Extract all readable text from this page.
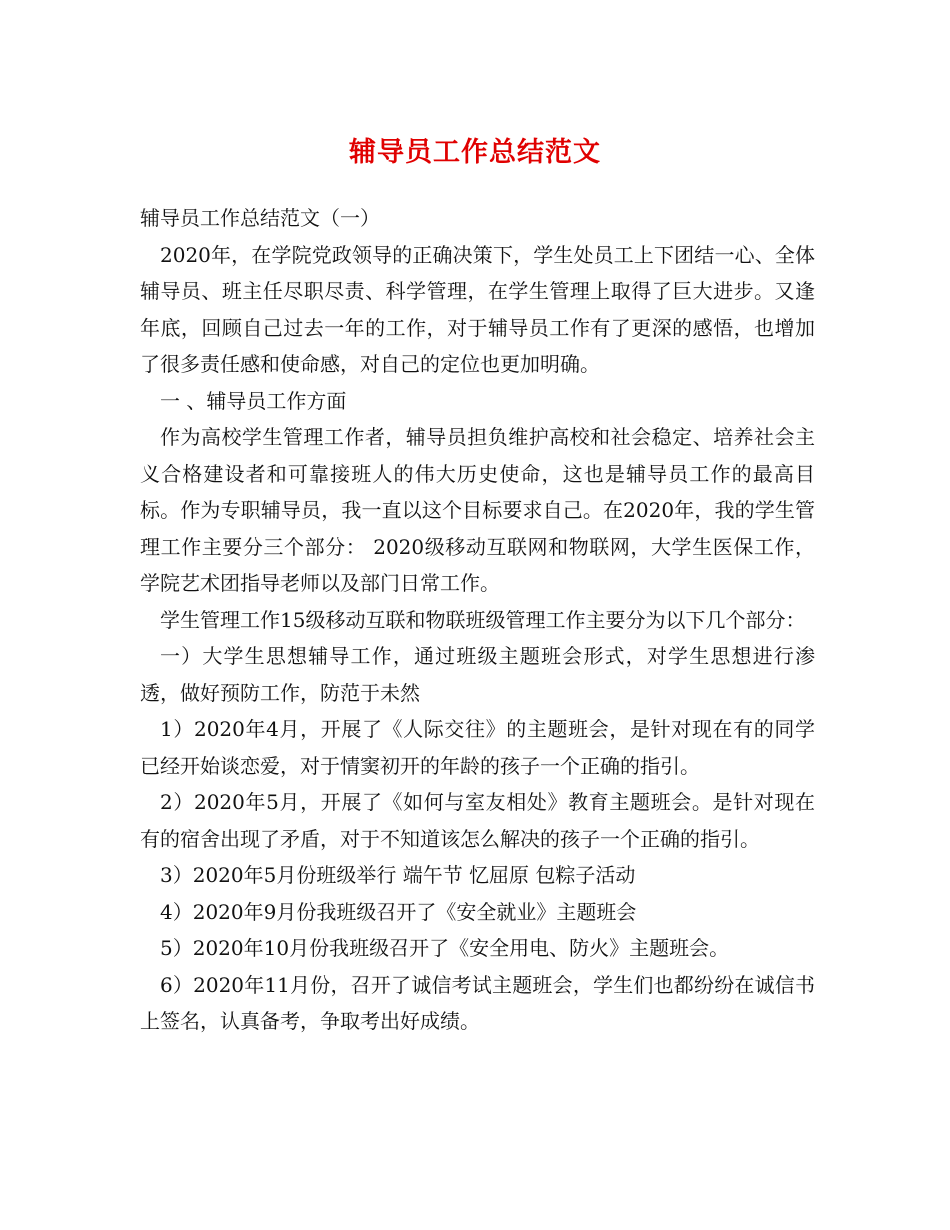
辅导员工作总结范文

辅导员工作总结范文（一）

2020年，在学院党政领导的正确决策下，学生处员工上下团结一心、全体辅导员、班主任尽职尽责、科学管理，在学生管理上取得了巨大进步。又逢年底，回顾自己过去一年的工作，对于辅导员工作有了更深的感悟，也增加了很多责任感和使命感，对自己的定位也更加明确。

一 、辅导员工作方面

作为高校学生管理工作者，辅导员担负维护高校和社会稳定、培养社会主义合格建设者和可靠接班人的伟大历史使命，这也是辅导员工作的最高目标。作为专职辅导员，我一直以这个目标要求自己。在2020年，我的学生管理工作主要分三个部分： 2020级移动互联网和物联网，大学生医保工作，学院艺术团指导老师以及部门日常工作。

学生管理工作15级移动互联和物联班级管理工作主要分为以下几个部分：

一）大学生思想辅导工作，通过班级主题班会形式，对学生思想进行渗透，做好预防工作，防范于未然

1）2020年4月，开展了《人际交往》的主题班会，是针对现在有的同学已经开始谈恋爱，对于情窦初开的年龄的孩子一个正确的指引。

2）2020年5月，开展了《如何与室友相处》教育主题班会。是针对现在有的宿舍出现了矛盾，对于不知道该怎么解决的孩子一个正确的指引。

3）2020年5月份班级举行 端午节 忆屈原 包粽子活动

4）2020年9月份我班级召开了《安全就业》主题班会

5）2020年10月份我班级召开了《安全用电、防火》主题班会。

6）2020年11月份，召开了诚信考试主题班会，学生们也都纷纷在诚信书上签名，认真备考，争取考出好成绩。
